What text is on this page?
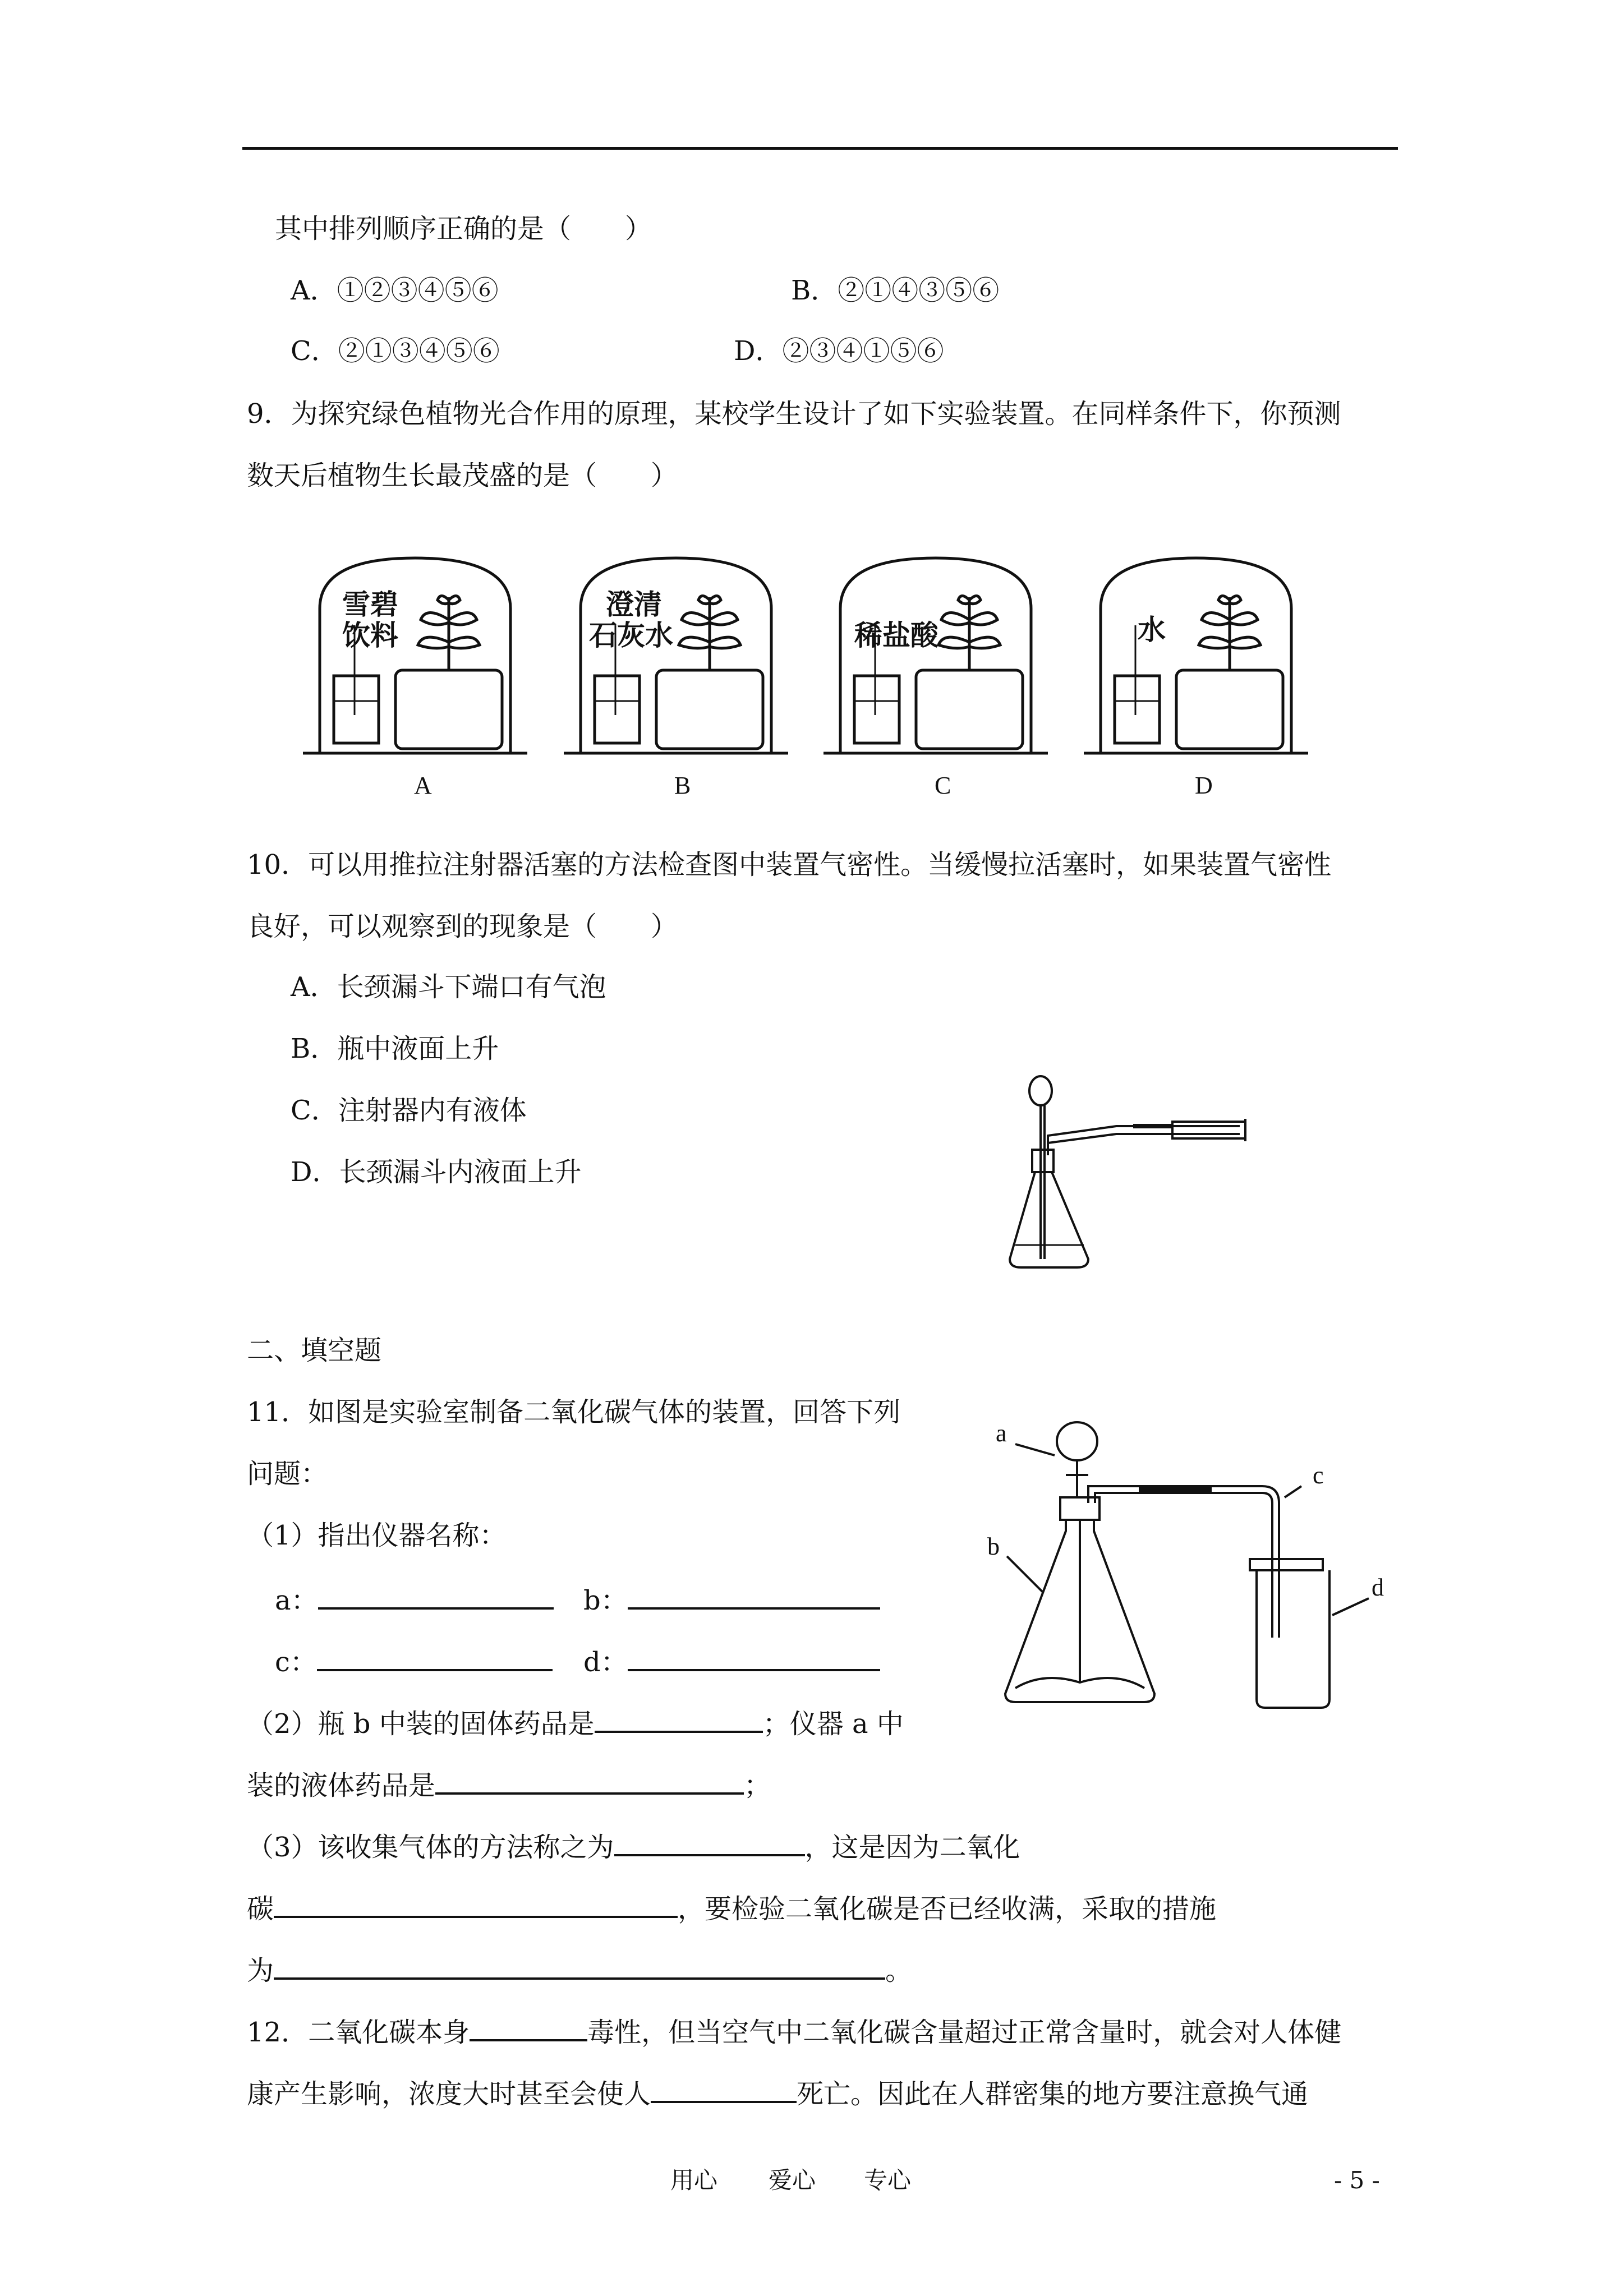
其中排列顺序正确的是（　　）
A．①②③④⑤⑥	B．②①④③⑤⑥
C．②①③④⑤⑥	D．②③④①⑤⑥
9．为探究绿色植物光合作用的原理，某校学生设计了如下实验装置。在同样条件下，你预测
数天后植物生长最茂盛的是（　　）
雪碧
饮料
澄清
石灰水	稀盐酸	水
A	B	C	D
10．可以用推拉注射器活塞的方法检查图中装置气密性。当缓慢拉活塞时，如果装置气密性
良好，可以观察到的现象是（　　）
A．长颈漏斗下端口有气泡
B．瓶中液面上升
C．注射器内有液体
D．长颈漏斗内液面上升
二、填空题
11．如图是实验室制备二氧化碳气体的装置，回答下列
问题：
（1）指出仪器名称：
a：	b：
c：	d：
（2）瓶 b 中装的固体药品是	；仪器 a 中
装的液体药品是	；
（3）该收集气体的方法称之为	，这是因为二氧化
碳	，要检验二氧化碳是否已经收满，采取的措施
为	。
a
c
b
d
12．二氧化碳本身	毒性，但当空气中二氧化碳含量超过正常含量时，就会对人体健
康产生影响，浓度大时甚至会使人	死亡。因此在人群密集的地方要注意换气通
用心 爱心 专心	- 5 -
